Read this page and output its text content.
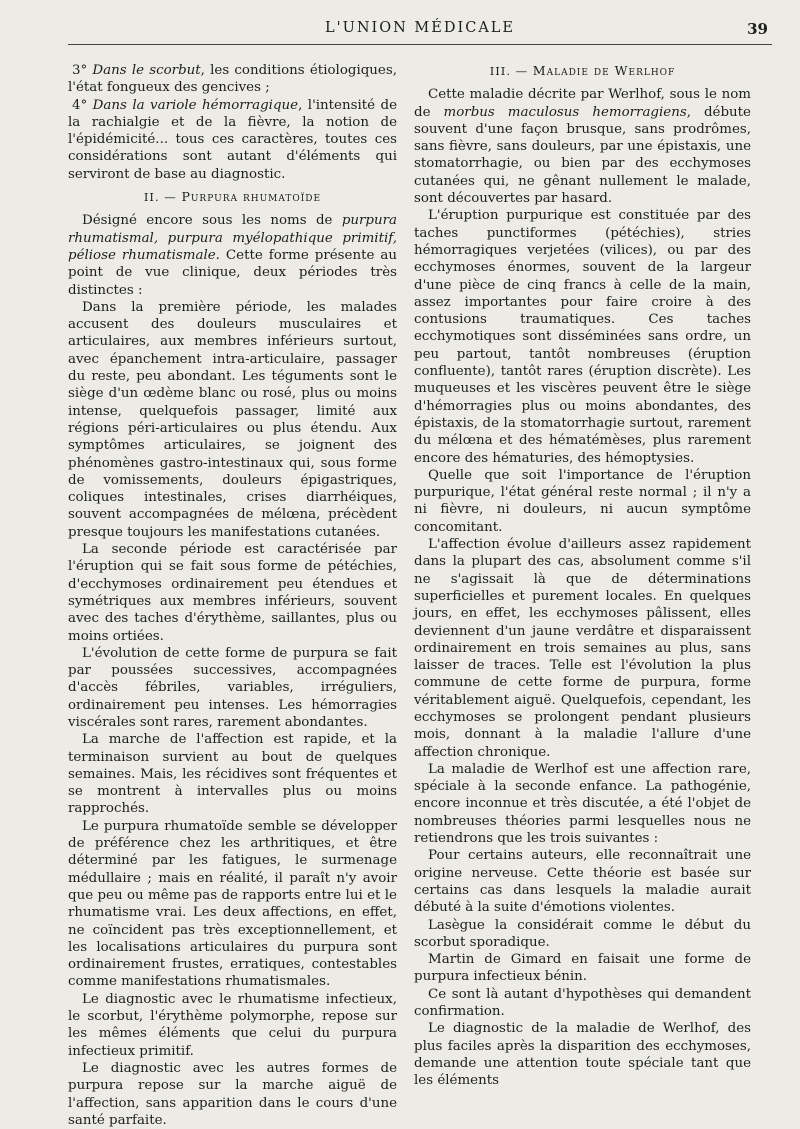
L'UNION MÉDICALE	39

3° Dans le scorbut, les conditions étiologiques, l'état fongueux des gencives ;

4° Dans la variole hémorragique, l'intensité de la rachialgie et de la fièvre, la notion de l'épidémicité... tous ces caractères, toutes ces considérations sont autant d'éléments qui serviront de base au diagnostic.

II. — Purpura rhumatoïde

Désigné encore sous les noms de purpura rhumatismal, purpura myélopathique primitif, péliose rhumatismale. Cette forme présente au point de vue clinique, deux périodes très distinctes :

Dans la première période, les malades accusent des douleurs musculaires et articulaires, aux membres inférieurs surtout, avec épanchement intra-articulaire, passager du reste, peu abondant. Les téguments sont le siège d'un œdème blanc ou rosé, plus ou moins intense, quelquefois passager, limité aux régions péri-articulaires ou plus étendu. Aux symptômes articulaires, se joignent des phénomènes gastro-intestinaux qui, sous forme de vomissements, douleurs épigastriques, coliques intestinales, crises diarrhéiques, souvent accompagnées de mélœna, précèdent presque toujours les manifestations cutanées.

La seconde période est caractérisée par l'éruption qui se fait sous forme de pétéchies, d'ecchymoses ordinairement peu étendues et symétriques aux membres inférieurs, souvent avec des taches d'érythème, saillantes, plus ou moins ortiées.

L'évolution de cette forme de purpura se fait par poussées successives, accompagnées d'accès fébriles, variables, irréguliers, ordinairement peu intenses. Les hémorragies viscérales sont rares, rarement abondantes.

La marche de l'affection est rapide, et la terminaison survient au bout de quelques semaines. Mais, les récidives sont fréquentes et se montrent à intervalles plus ou moins rapprochés.

Le purpura rhumatoïde semble se développer de préférence chez les arthritiques, et être déterminé par les fatigues, le surmenage médullaire ; mais en réalité, il paraît n'y avoir que peu ou même pas de rapports entre lui et le rhumatisme vrai. Les deux affections, en effet, ne coïncident pas très exceptionnellement, et les localisations articulaires du purpura sont ordinairement frustes, erratiques, contestables comme manifestations rhumatismales.

Le diagnostic avec le rhumatisme infectieux, le scorbut, l'érythème polymorphe, repose sur les mêmes éléments que celui du purpura infectieux primitif.

Le diagnostic avec les autres formes de purpura repose sur la marche aiguë de l'affection, sans apparition dans le cours d'une santé parfaite.

III. — Maladie de Werlhof

Cette maladie décrite par Werlhof, sous le nom de morbus maculosus hemorragiens, débute souvent d'une façon brusque, sans prodrômes, sans fièvre, sans douleurs, par une épistaxis, une stomatorrhagie, ou bien par des ecchymoses cutanées qui, ne gênant nullement le malade, sont découvertes par hasard.

L'éruption purpurique est constituée par des taches punctiformes (pétéchies), stries hémorragiques verjetées (vilices), ou par des ecchymoses énormes, souvent de la largeur d'une pièce de cinq francs à celle de la main, assez importantes pour faire croire à des contusions traumatiques. Ces taches ecchymotiques sont disséminées sans ordre, un peu partout, tantôt nombreuses (éruption confluente), tantôt rares (éruption discrète). Les muqueuses et les viscères peuvent être le siège d'hémorragies plus ou moins abondantes, des épistaxis, de la stomatorrhagie surtout, rarement du mélœna et des hématémèses, plus rarement encore des hématuries, des hémoptysies.

Quelle que soit l'importance de l'éruption purpurique, l'état général reste normal ; il n'y a ni fièvre, ni douleurs, ni aucun symptôme concomitant.

L'affection évolue d'ailleurs assez rapidement dans la plupart des cas, absolument comme s'il ne s'agissait là que de déterminations superficielles et purement locales. En quelques jours, en effet, les ecchymoses pâlissent, elles deviennent d'un jaune verdâtre et disparaissent ordinairement en trois semaines au plus, sans laisser de traces. Telle est l'évolution la plus commune de cette forme de purpura, forme véritablement aiguë. Quelquefois, cependant, les ecchymoses se prolongent pendant plusieurs mois, donnant à la maladie l'allure d'une affection chronique.

La maladie de Werlhof est une affection rare, spéciale à la seconde enfance. La pathogénie, encore inconnue et très discutée, a été l'objet de nombreuses théories parmi lesquelles nous ne retiendrons que les trois suivantes :

Pour certains auteurs, elle reconnaîtrait une origine nerveuse. Cette théorie est basée sur certains cas dans lesquels la maladie aurait débuté à la suite d'émotions violentes.

Lasègue la considérait comme le début du scorbut sporadique.

Martin de Gimard en faisait une forme de purpura infectieux bénin.

Ce sont là autant d'hypothèses qui demandent confirmation.

Le diagnostic de la maladie de Werlhof, des plus faciles après la disparition des ecchymoses, demande une attention toute spéciale tant que les éléments
